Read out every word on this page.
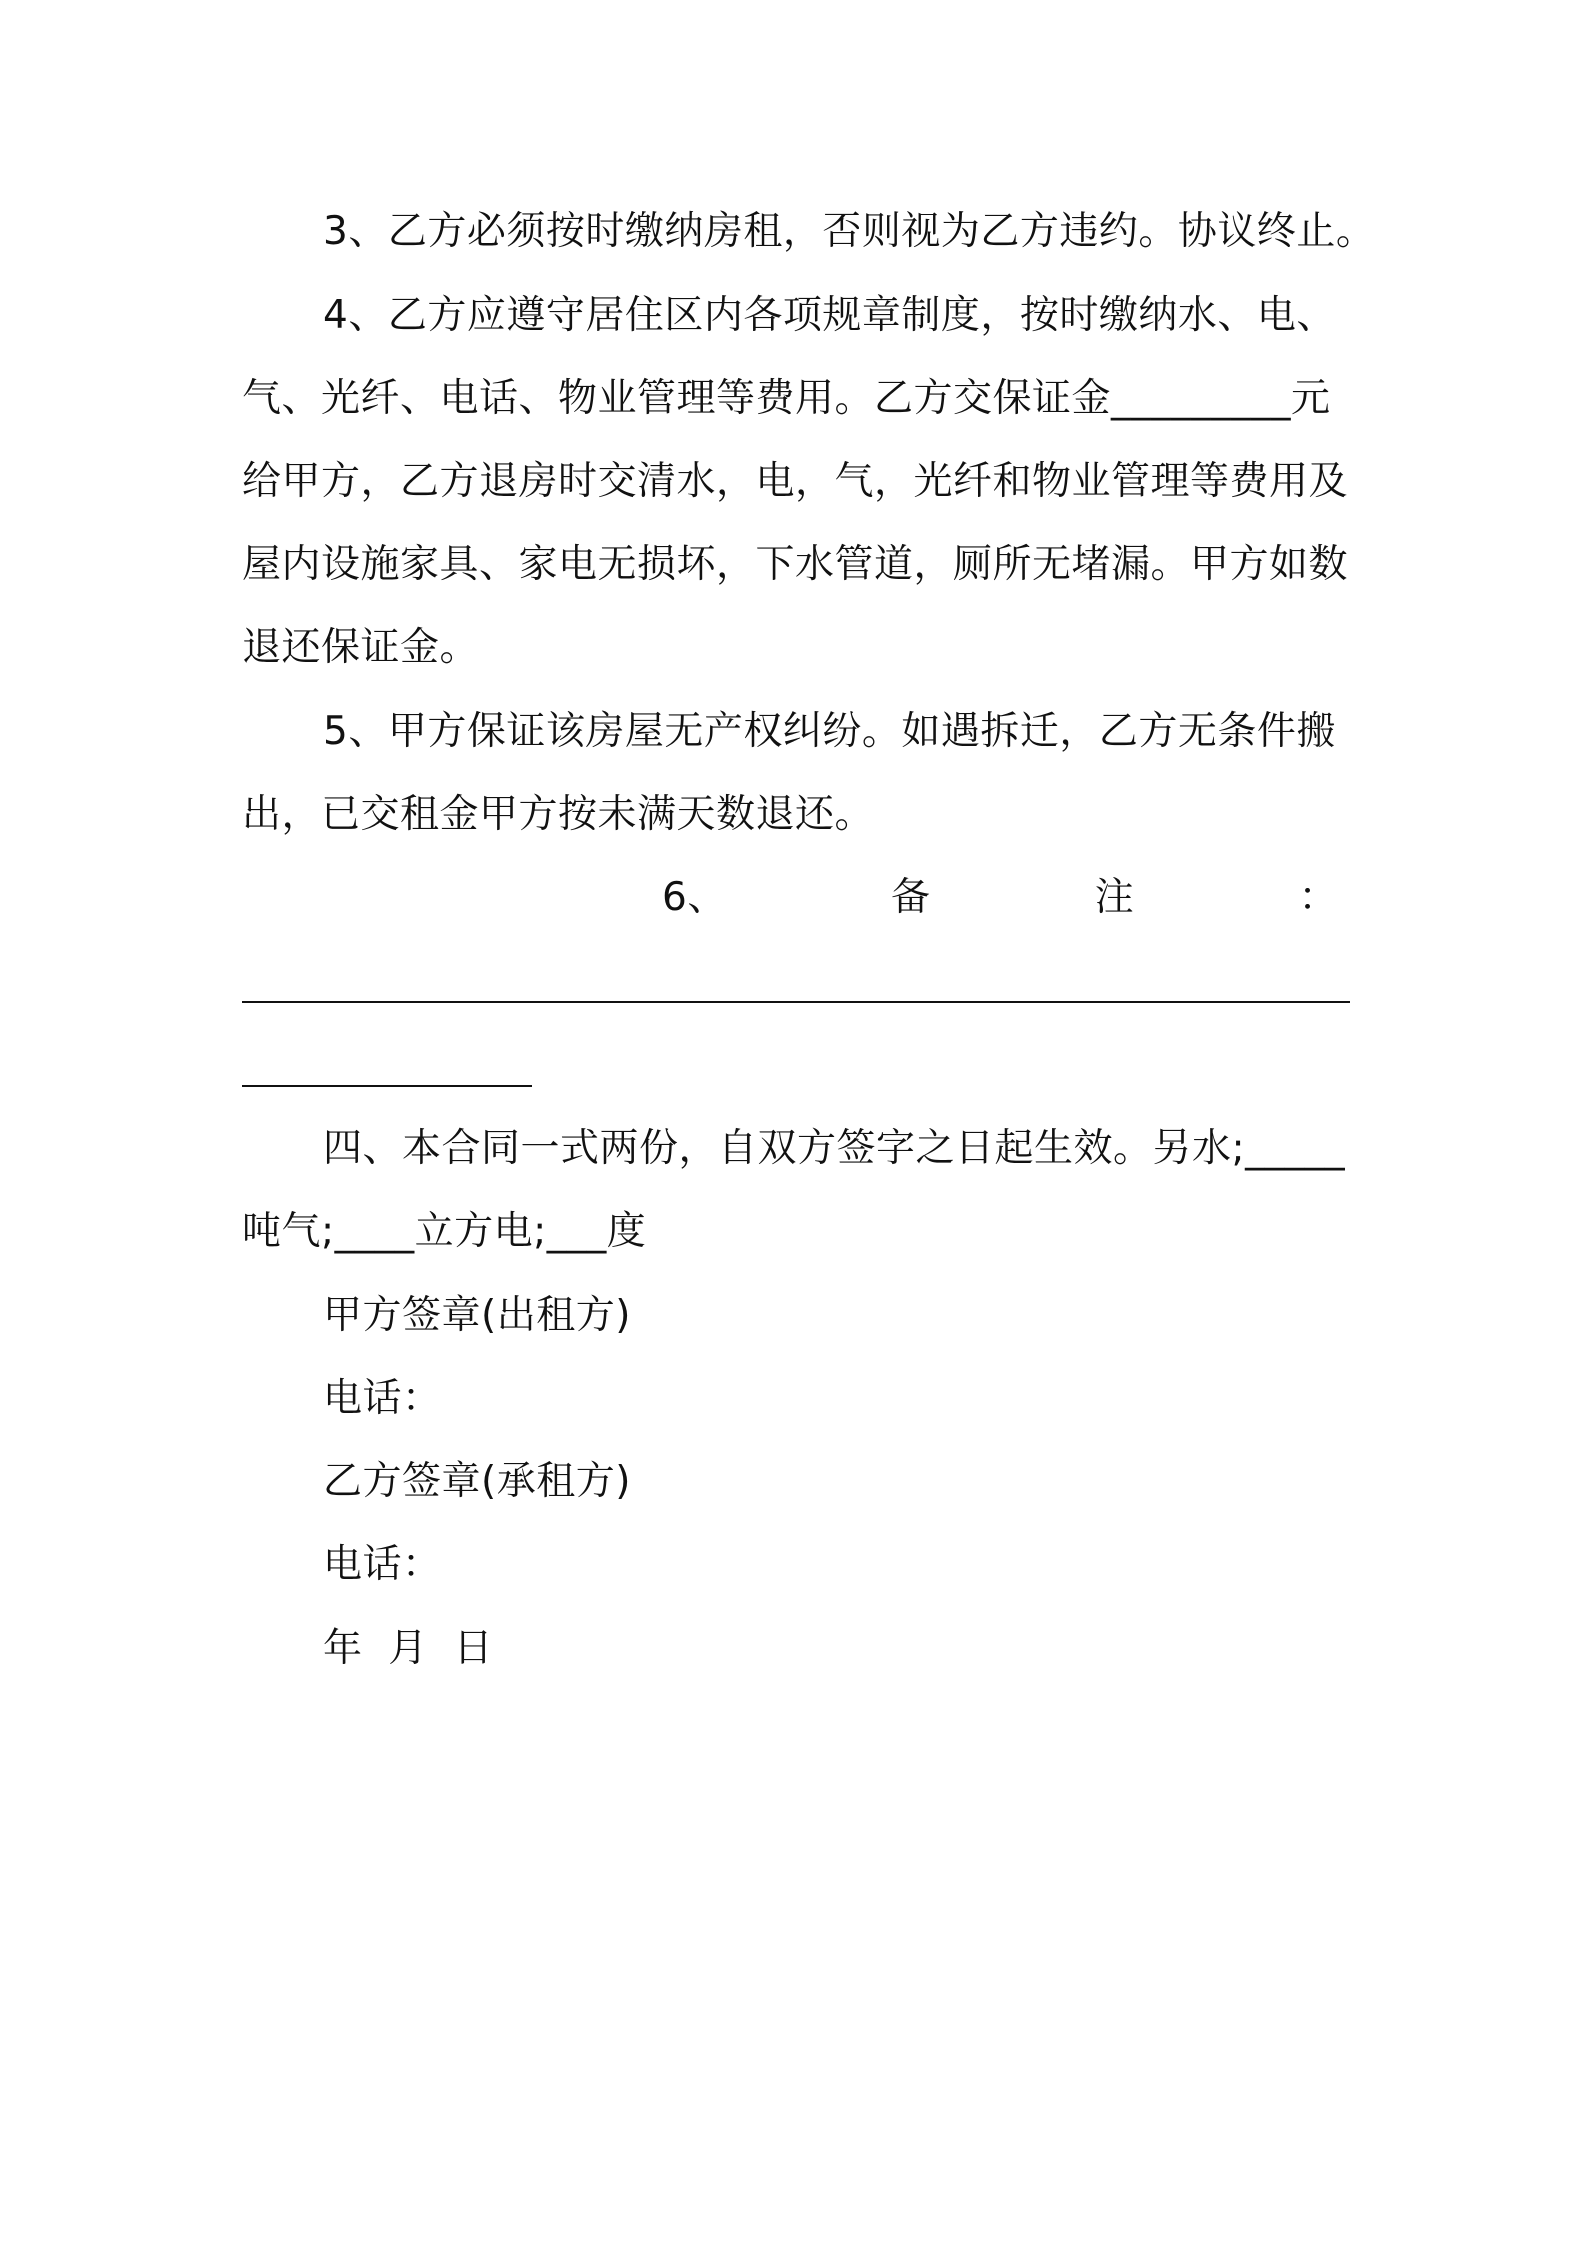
3、乙方必须按时缴纳房租，否则视为乙方违约。协议终止。
4、乙方应遵守居住区内各项规章制度，按时缴纳水、电、
气、光纤、电话、物业管理等费用。乙方交保证金_________元
给甲方，乙方退房时交清水，电，气，光纤和物业管理等费用及
屋内设施家具、家电无损坏，下水管道，厕所无堵漏。甲方如数
退还保证金。
5、甲方保证该房屋无产权纠纷。如遇拆迁，乙方无条件搬
出，已交租金甲方按未满天数退还。
6、	备	注	：
四、本合同一式两份，自双方签字之日起生效。另水;_____
吨气;____立方电;___度
甲方签章(出租方)
电话：
乙方签章(承租方)
电话：
年  月  日
